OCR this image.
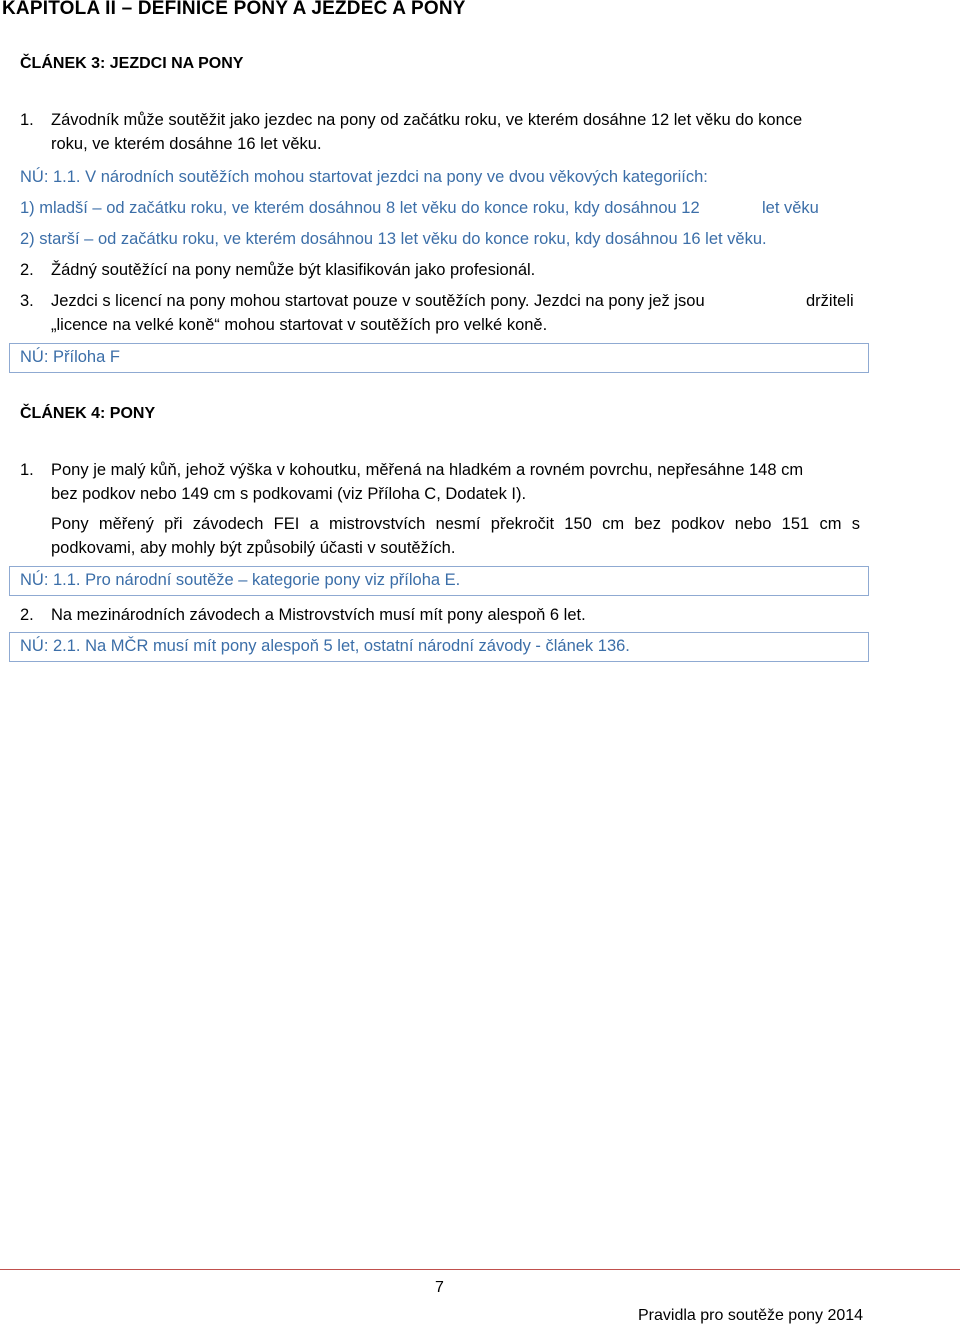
KAPITOLA II – DEFINICE PONY A JEZDEC A PONY
ČLÁNEK 3: JEZDCI NA PONY
1. Závodník může soutěžit jako jezdec na pony od začátku roku, ve kterém dosáhne 12 let věku do konce
roku, ve kterém dosáhne 16 let věku.
NÚ: 1.1. V národních soutěžích mohou startovat jezdci na pony ve dvou věkových kategoriích:
1) mladší – od začátku roku, ve kterém dosáhnou 8 let věku do konce roku, kdy dosáhnou 12	let věku
2) starší – od začátku roku, ve kterém dosáhnou 13 let věku do konce roku, kdy dosáhnou 16 let věku.
2. Žádný soutěžící na pony nemůže být klasifikován jako profesionál.
3. Jezdci s licencí na pony mohou startovat pouze v soutěžích pony. Jezdci na pony jež jsou	držiteli
„licence na velké koně“ mohou startovat v soutěžích pro velké koně.
NÚ: Příloha F
ČLÁNEK 4: PONY
1. Pony je malý kůň, jehož výška v kohoutku, měřená na hladkém a rovném povrchu, nepřesáhne 148 cm
bez podkov nebo 149 cm s podkovami (viz Příloha C, Dodatek I).
Pony měřený při závodech FEI a mistrovstvích nesmí překročit 150 cm bez podkov nebo 151 cm s
podkovami, aby mohly být způsobilý účasti v soutěžích.
NÚ: 1.1. Pro národní soutěže – kategorie pony viz příloha E.
2. Na mezinárodních závodech a Mistrovstvích musí mít pony alespoň 6 let.
NÚ: 2.1. Na MČR musí mít pony alespoň 5 let, ostatní národní závody - článek 136.
7
Pravidla pro soutěže pony 2014
